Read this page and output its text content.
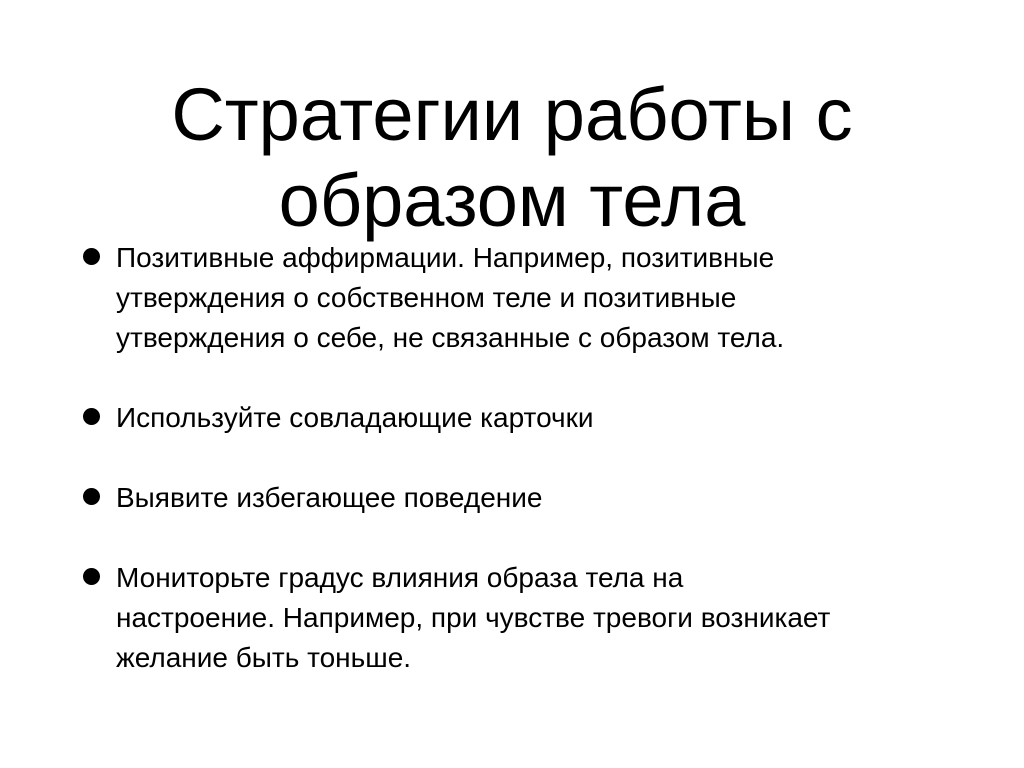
Стратегии работы с
образом тела
Позитивные аффирмации. Например, позитивные
утверждения о собственном теле и позитивные
утверждения о себе, не связанные с образом тела.
Используйте совладающие карточки
Выявите избегающее поведение
Мониторьте градус влияния образа тела на
настроение. Например, при чувстве тревоги возникает
желание быть тоньше.
